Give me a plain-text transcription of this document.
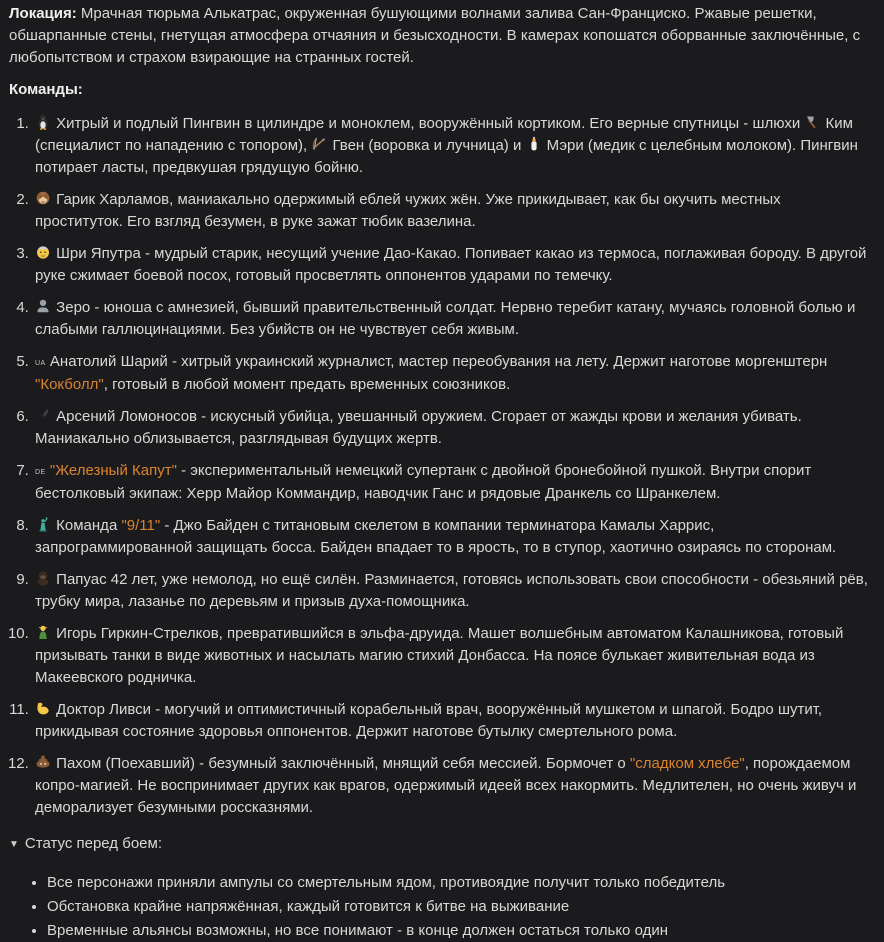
Локация: Мрачная тюрьма Алькатрас, окруженная бушующими волнами залива Сан-Франциско. Ржавые решетки, обшарпанные стены, гнетущая атмосфера отчаяния и безысходности. В камерах копошатся оборванные заключённые, с любопытством и страхом взирающие на странных гостей.

Команды:

1. Хитрый и подлый Пингвин в цилиндре и моноклем, вооружённый кортиком. Его верные спутницы - шлюхи
Ким (специалист по нападению с топором),
Гвен (воровка и лучница) и
Мэри (медик с целебным молоком). Пингвин потирает ласты, предвкушая грядущую бойню.
2. Гарик Харламов, маниакально одержимый еблей чужих жён. Уже прикидывает, как бы окучить местных проституток. Его взгляд безумен, в руке зажат тюбик вазелина.
3. Шри Япутра - мудрый старик, несущий учение Дао-Какао. Попивает какао из термоса, поглаживая бороду. В другой руке сжимает боевой посох, готовый просветлять оппонентов ударами по темечку.
4. Зеро - юноша с амнезией, бывший правительственный солдат. Нервно теребит катану, мучаясь головной болью и слабыми галлюцинациями. Без убийств он не чувствует себя живым.
5. ua Анатолий Шарий - хитрый украинский журналист, мастер переобувания на лету. Держит наготове моргенштерн "Кокболл", готовый в любой момент предать временных союзников.
6. Арсений Ломоносов - искусный убийца, увешанный оружием. Сгорает от жажды крови и желания убивать. Маниакально облизывается, разглядывая будущих жертв.
7. de "Железный Капут" - экспериментальный немецкий супертанк с двойной бронебойной пушкой. Внутри спорит бестолковый экипаж: Херр Майор Коммандир, наводчик Ганс и рядовые Дранкель со Шранкелем.
8. Команда "9/11" - Джо Байден с титановым скелетом в компании терминатора Камалы Харрис, запрограммированной защищать босса. Байден впадает то в ярость, то в ступор, хаотично озираясь по сторонам.
9. Папуас 42 лет, уже немолод, но ещё силён. Разминается, готовясь использовать свои способности - обезьяний рёв, трубку мира, лазанье по деревьям и призыв духа-помощника.
10. Игорь Гиркин-Стрелков, превратившийся в эльфа-друида. Машет волшебным автоматом Калашникова, готовый призывать танки в виде животных и насылать магию стихий Донбасса. На поясе булькает живительная вода из Макеевского родничка.
11. Доктор Ливси - могучий и оптимистичный корабельный врач, вооружённый мушкетом и шпагой. Бодро шутит, прикидывая состояние здоровья оппонентов. Держит наготове бутылку смертельного рома.
12. Пахом (Поехавший) - безумный заключённый, мнящий себя мессией. Бормочет о "сладком хлебе", порождаемом копро-магией. Не воспринимает других как врагов, одержимый идеей всех накормить. Медлителен, но очень живуч и деморализует безумными россказнями.
▼ Статус перед боем:
• Все персонажи приняли ампулы со смертельным ядом, противоядие получит только победитель
• Обстановка крайне напряжённая, каждый готовится к битве на выживание
• Временные альянсы возможны, но все понимают - в конце должен остаться только один
